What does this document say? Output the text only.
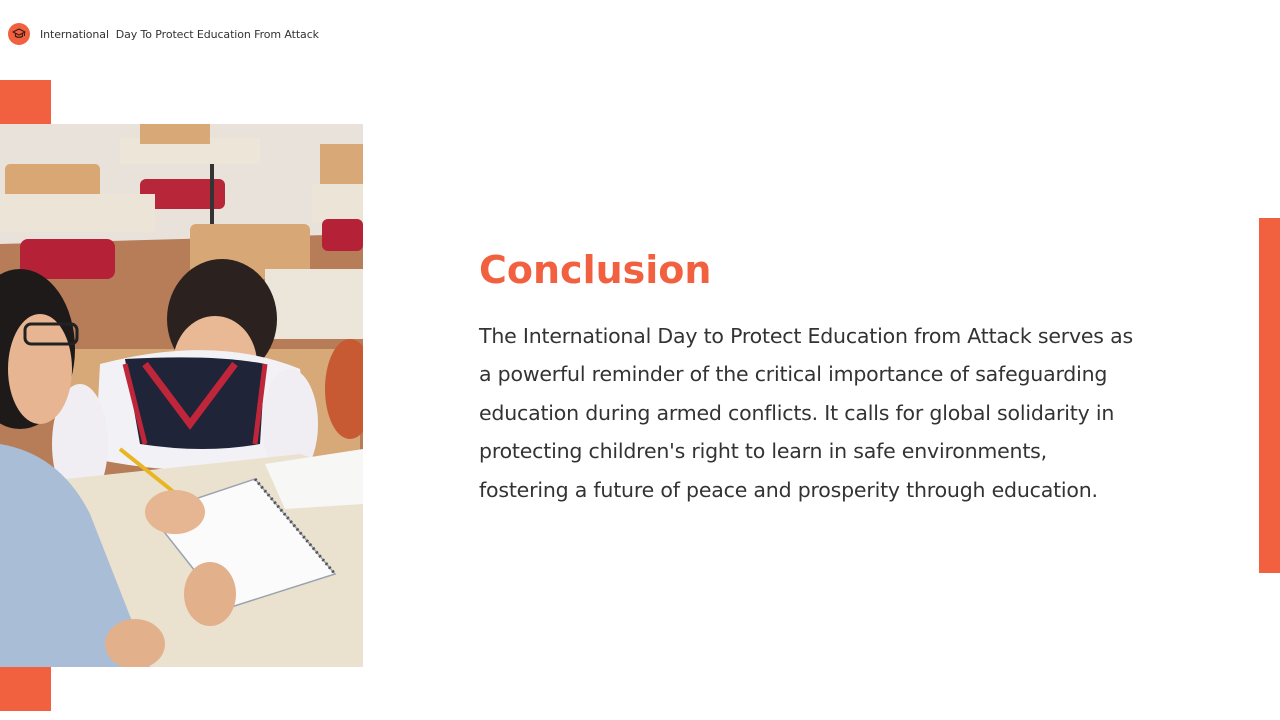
International  Day To Protect Education From Attack
Conclusion

The International Day to Protect Education from Attack serves as a powerful reminder of the critical importance of safeguarding education during armed conflicts. It calls for global solidarity in protecting children's right to learn in safe environments, fostering a future of peace and prosperity through education.
